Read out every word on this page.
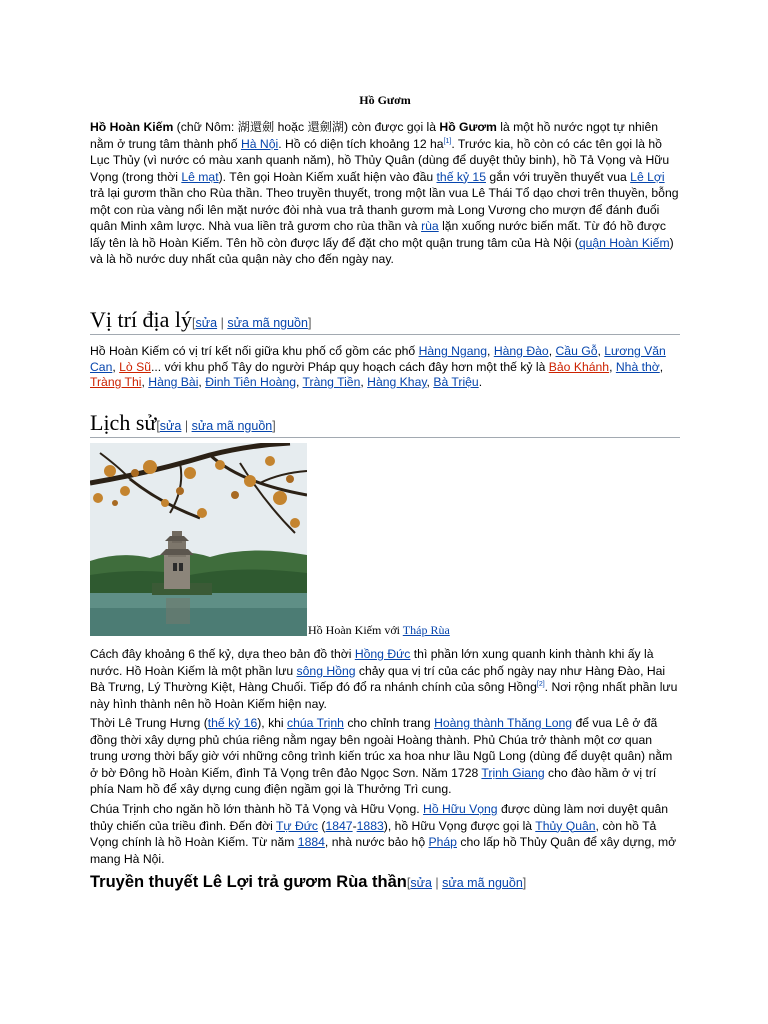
Hồ Gươm
Hồ Hoàn Kiếm (chữ Nôm: 湖還劍 hoặc 還劍湖) còn được gọi là Hồ Gươm là một hồ nước ngọt tự nhiên nằm ở trung tâm thành phố Hà Nội. Hồ có diện tích khoảng 12 ha[1]. Trước kia, hồ còn có các tên gọi là hồ Lục Thủy (vì nước có màu xanh quanh năm), hồ Thủy Quân (dùng để duyệt thủy binh), hồ Tả Vọng và Hữu Vọng (trong thời Lê mạt). Tên gọi Hoàn Kiếm xuất hiện vào đầu thế kỷ 15 gắn với truyền thuyết vua Lê Lợi trả lại gươm thần cho Rùa thần. Theo truyền thuyết, trong một lần vua Lê Thái Tổ dạo chơi trên thuyền, bỗng một con rùa vàng nổi lên mặt nước đòi nhà vua trả thanh gươm mà Long Vương cho mượn để đánh đuổi quân Minh xâm lược. Nhà vua liền trả gươm cho rùa thần và rùa lặn xuống nước biến mất. Từ đó hồ được lấy tên là hồ Hoàn Kiếm. Tên hồ còn được lấy để đặt cho một quận trung tâm của Hà Nội (quận Hoàn Kiếm) và là hồ nước duy nhất của quận này cho đến ngày nay.
Vị trí địa lý[sửa | sửa mã nguồn]
Hồ Hoàn Kiếm có vị trí kết nối giữa khu phố cổ gồm các phố Hàng Ngang, Hàng Đào, Cầu Gỗ, Lương Văn Can, Lò Sũ... với khu phố Tây do người Pháp quy hoạch cách đây hơn một thế kỷ là Bảo Khánh, Nhà thờ, Tràng Thi, Hàng Bài, Đinh Tiên Hoàng, Tràng Tiền, Hàng Khay, Bà Triệu.
Lịch sử[sửa | sửa mã nguồn]
Hồ Hoàn Kiếm với Tháp Rùa
Cách đây khoảng 6 thế kỷ, dựa theo bản đồ thời Hồng Đức thì phần lớn xung quanh kinh thành khi ấy là nước. Hồ Hoàn Kiếm là một phần lưu sông Hồng chảy qua vị trí của các phố ngày nay như Hàng Đào, Hai Bà Trưng, Lý Thường Kiệt, Hàng Chuối. Tiếp đó đổ ra nhánh chính của sông Hồng[2]. Nơi rộng nhất phần lưu này hình thành nên hồ Hoàn Kiếm hiện nay.
Thời Lê Trung Hưng (thế kỷ 16), khi chúa Trịnh cho chỉnh trang Hoàng thành Thăng Long để vua Lê ở đã đồng thời xây dựng phủ chúa riêng nằm ngay bên ngoài Hoàng thành. Phủ Chúa trở thành một cơ quan trung ương thời bấy giờ với những công trình kiến trúc xa hoa như lầu Ngũ Long (dùng để duyệt quân) nằm ở bờ Đông hồ Hoàn Kiếm, đình Tả Vọng trên đảo Ngọc Sơn. Năm 1728 Trịnh Giang cho đào hầm ở vị trí phía Nam hồ để xây dựng cung điện ngầm gọi là Thưởng Trì cung.
Chúa Trịnh cho ngăn hồ lớn thành hồ Tả Vọng và Hữu Vọng. Hồ Hữu Vọng được dùng làm nơi duyệt quân thủy chiến của triều đình. Đến đời Tự Đức (1847-1883), hồ Hữu Vọng được gọi là Thủy Quân, còn hồ Tả Vọng chính là hồ Hoàn Kiếm. Từ năm 1884, nhà nước bảo hộ Pháp cho lấp hồ Thủy Quân để xây dựng, mở mang Hà Nội.
Truyền thuyết Lê Lợi trả gươm Rùa thần[sửa | sửa mã nguồn]
